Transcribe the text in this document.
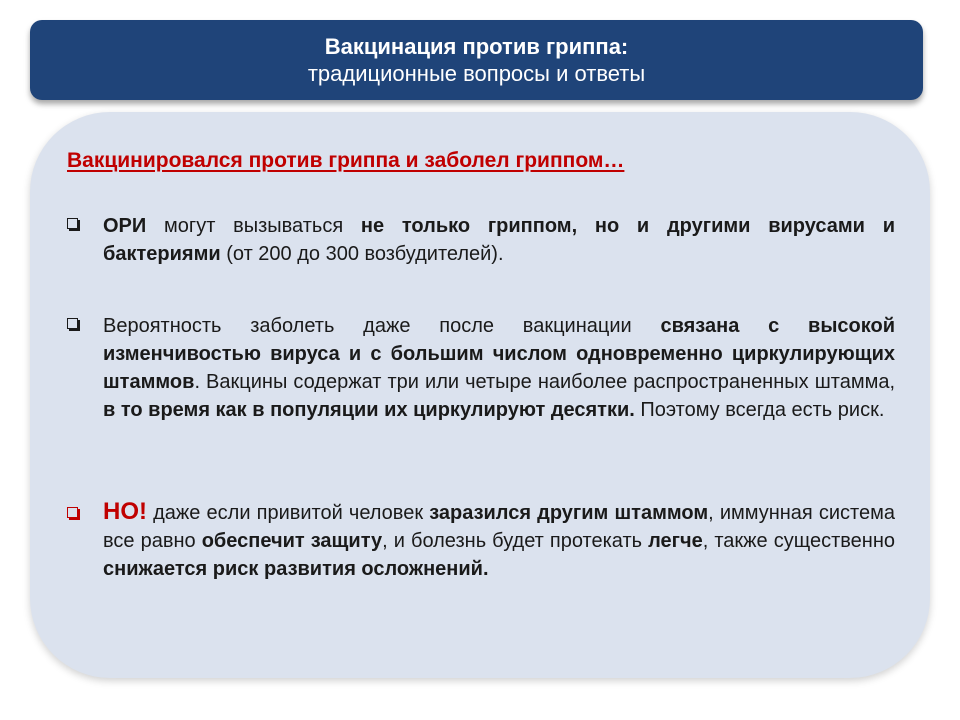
Вакцинация против гриппа:
традиционные вопросы и ответы
Вакцинировался против гриппа и заболел гриппом…
ОРИ могут вызываться не только гриппом, но и другими вирусами и бактериями (от 200 до 300 возбудителей).
Вероятность заболеть даже после вакцинации связана с высокой изменчивостью вируса и с большим числом одновременно циркулирующих штаммов. Вакцины содержат три или четыре наиболее распространенных штамма, в то время как в популяции их циркулируют десятки. Поэтому всегда есть риск.
НО! даже если привитой человек заразился другим штаммом, иммунная система все равно обеспечит защиту, и болезнь будет протекать легче, также существенно снижается риск развития осложнений.
